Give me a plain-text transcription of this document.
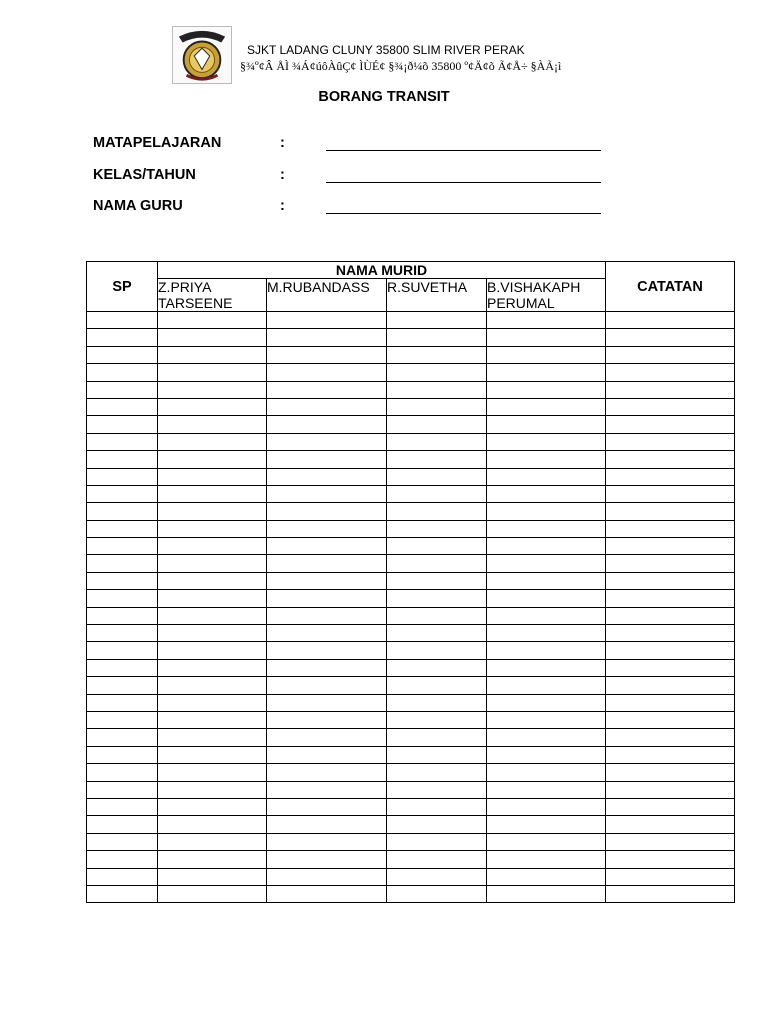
SJKT LADANG CLUNY 35800 SLIM RIVER PERAK
§¾º¢Â ÅÌ ¾Á¢úôÀûÇ¢ ÌÙÉ¢ §¾¡ð¼õ 35800 º¢Ä¢õ Ã¢Å÷ §ÀÃ¡ì
BORANG TRANSIT
MATAPELAJARAN	:
KELAS/TAHUN	:
NAMA GURU	:
SP	NAMA MURID				CATATAN
	Z.PRIYA TARSEENE	M.RUBANDASS	R.SUVETHA	B.VISHAKAPH PERUMAL	
